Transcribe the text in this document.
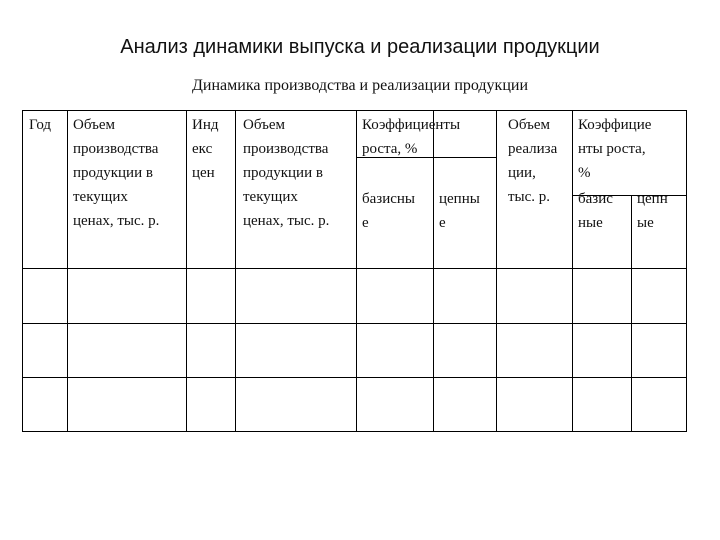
Анализ динамики выпуска и реализации продукции
Динамика производства и реализации продукции
Год Объем
производства
продукции в
текущих
ценах, тыс. р.
Инд
екс
цен
Объем
производства
продукции в
текущих
ценах, тыс. р.
Коэффициенты
роста, %
базисны
е
цепны
е
Объем
реализа
ции,
тыс. р.
Коэффицие
нты роста,
%
базис
ные
цепн
ые
